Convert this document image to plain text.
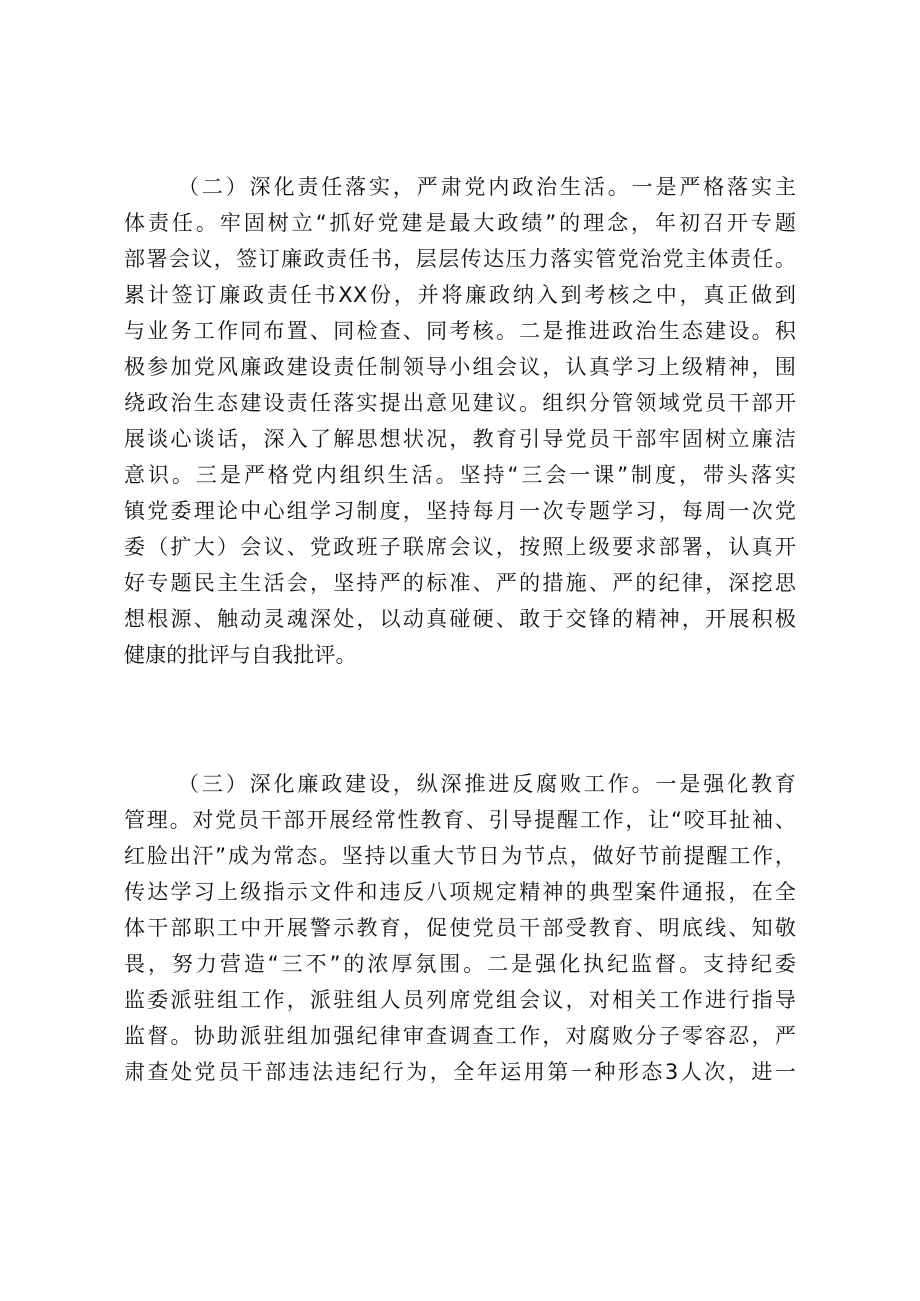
（二）深化责任落实，严肃党内政治生活。一是严格落实主
体责任。牢固树立“抓好党建是最大政绩”的理念，年初召开专题
部署会议，签订廉政责任书，层层传达压力落实管党治党主体责任。
累计签订廉政责任书XX份，并将廉政纳入到考核之中，真正做到
与业务工作同布置、同检查、同考核。二是推进政治生态建设。积
极参加党风廉政建设责任制领导小组会议，认真学习上级精神，围
绕政治生态建设责任落实提出意见建议。组织分管领域党员干部开
展谈心谈话，深入了解思想状况，教育引导党员干部牢固树立廉洁
意识。三是严格党内组织生活。坚持“三会一课”制度，带头落实
镇党委理论中心组学习制度，坚持每月一次专题学习，每周一次党
委（扩大）会议、党政班子联席会议，按照上级要求部署，认真开
好专题民主生活会，坚持严的标准、严的措施、严的纪律，深挖思
想根源、触动灵魂深处，以动真碰硬、敢于交锋的精神，开展积极
健康的批评与自我批评。
（三）深化廉政建设，纵深推进反腐败工作。一是强化教育
管理。对党员干部开展经常性教育、引导提醒工作，让“咬耳扯袖、
红脸出汗”成为常态。坚持以重大节日为节点，做好节前提醒工作，
传达学习上级指示文件和违反八项规定精神的典型案件通报，在全
体干部职工中开展警示教育，促使党员干部受教育、明底线、知敬
畏，努力营造“三不”的浓厚氛围。二是强化执纪监督。支持纪委
监委派驻组工作，派驻组人员列席党组会议，对相关工作进行指导
监督。协助派驻组加强纪律审查调查工作，对腐败分子零容忍，严
肃查处党员干部违法违纪行为，全年运用第一种形态3人次，进一
